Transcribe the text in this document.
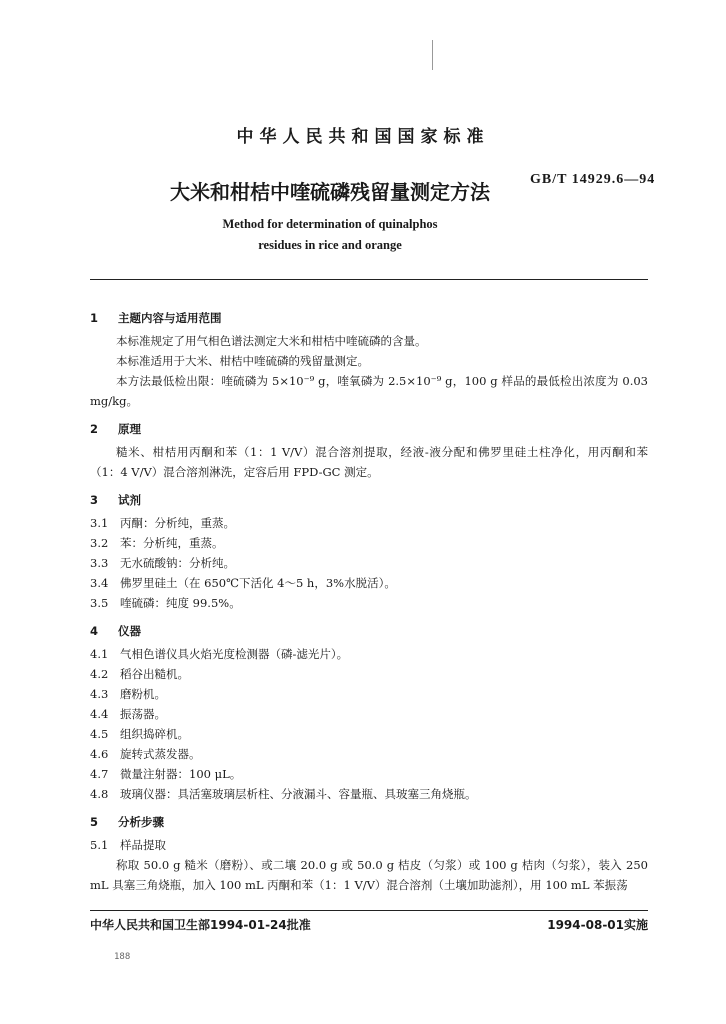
中华人民共和国国家标准
GB/T 14929.6—94
大米和柑桔中喹硫磷残留量测定方法
Method for determination of quinalphos
residues in rice and orange
1 主题内容与适用范围

本标准规定了用气相色谱法测定大米和柑桔中喹硫磷的含量。

本标准适用于大米、柑桔中喹硫磷的残留量测定。

本方法最低检出限：喹硫磷为 5×10⁻⁹ g，喹氧磷为 2.5×10⁻⁹ g，100 g 样品的最低检出浓度为 0.03 mg/kg。

2 原理

糙米、柑桔用丙酮和苯（1：1 V/V）混合溶剂提取，经液-液分配和佛罗里硅土柱净化，用丙酮和苯（1：4 V/V）混合溶剂淋洗，定容后用 FPD-GC 测定。

3 试剂

3.1 丙酮：分析纯，重蒸。

3.2 苯：分析纯，重蒸。

3.3 无水硫酸钠：分析纯。

3.4 佛罗里硅土（在 650℃下活化 4～5 h，3%水脱活）。

3.5 喹硫磷：纯度 99.5%。

4 仪器

4.1 气相色谱仪具火焰光度检测器（磷-滤光片）。

4.2 稻谷出糙机。

4.3 磨粉机。

4.4 振荡器。

4.5 组织捣碎机。

4.6 旋转式蒸发器。

4.7 微量注射器：100 μL。

4.8 玻璃仪器：具活塞玻璃层析柱、分液漏斗、容量瓶、具玻塞三角烧瓶。

5 分析步骤

5.1 样品提取

称取 50.0 g 糙米（磨粉）、或二壤 20.0 g 或 50.0 g 桔皮（匀浆）或 100 g 桔肉（匀浆），装入 250 mL 具塞三角烧瓶，加入 100 mL 丙酮和苯（1：1 V/V）混合溶剂（土壤加助滤剂），用 100 mL 苯振荡

中华人民共和国卫生部1994-01-24批准	1994-08-01实施
188
